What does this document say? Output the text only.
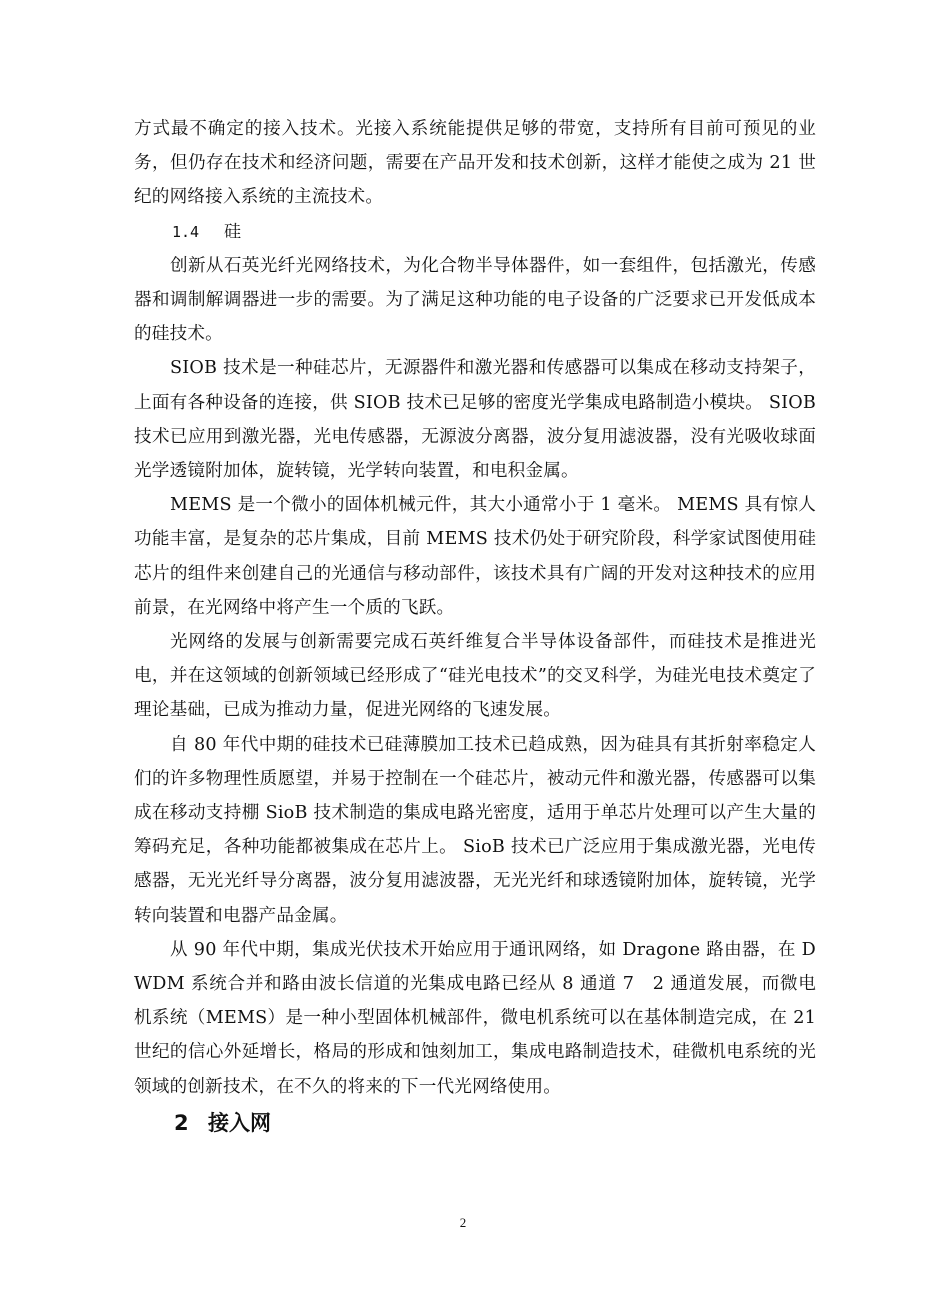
方式最不确定的接入技术。光接入系统能提供足够的带宽，支持所有目前可预见的业务，但仍存在技术和经济问题，需要在产品开发和技术创新，这样才能使之成为 21 世纪的网络接入系统的主流技术。

1.4 硅

创新从石英光纤光网络技术，为化合物半导体器件，如一套组件，包括激光，传感器和调制解调器进一步的需要。为了满足这种功能的电子设备的广泛要求已开发低成本的硅技术。

SIOB 技术是一种硅芯片，无源器件和激光器和传感器可以集成在移动支持架子，上面有各种设备的连接，供 SIOB 技术已足够的密度光学集成电路制造小模块。 SIOB 技术已应用到激光器，光电传感器，无源波分离器，波分复用滤波器，没有光吸收球面光学透镜附加体，旋转镜，光学转向装置，和电积金属。

MEMS 是一个微小的固体机械元件，其大小通常小于 1 毫米。 MEMS 具有惊人功能丰富，是复杂的芯片集成，目前 MEMS 技术仍处于研究阶段，科学家试图使用硅芯片的组件来创建自己的光通信与移动部件，该技术具有广阔的开发对这种技术的应用前景，在光网络中将产生一个质的飞跃。

光网络的发展与创新需要完成石英纤维复合半导体设备部件，而硅技术是推进光电，并在这领域的创新领域已经形成了“硅光电技术”的交叉科学，为硅光电技术奠定了理论基础，已成为推动力量，促进光网络的飞速发展。

自 80 年代中期的硅技术已硅薄膜加工技术已趋成熟，因为硅具有其折射率稳定人们的许多物理性质愿望，并易于控制在一个硅芯片，被动元件和激光器，传感器可以集成在移动支持棚 SioB 技术制造的集成电路光密度，适用于单芯片处理可以产生大量的筹码充足，各种功能都被集成在芯片上。 SioB 技术已广泛应用于集成激光器，光电传感器，无光光纤导分离器，波分复用滤波器，无光光纤和球透镜附加体，旋转镜，光学转向装置和电器产品金属。

从 90 年代中期，集成光伏技术开始应用于通讯网络，如 Dragone 路由器，在 DWDM 系统合并和路由波长信道的光集成电路已经从 8 通道 7　2 通道发展，而微电机系统（MEMS）是一种小型固体机械部件，微电机系统可以在基体制造完成，在 21 世纪的信心外延增长，格局的形成和蚀刻加工，集成电路制造技术，硅微机电系统的光领域的创新技术，在不久的将来的下一代光网络使用。

2 接入网

2
